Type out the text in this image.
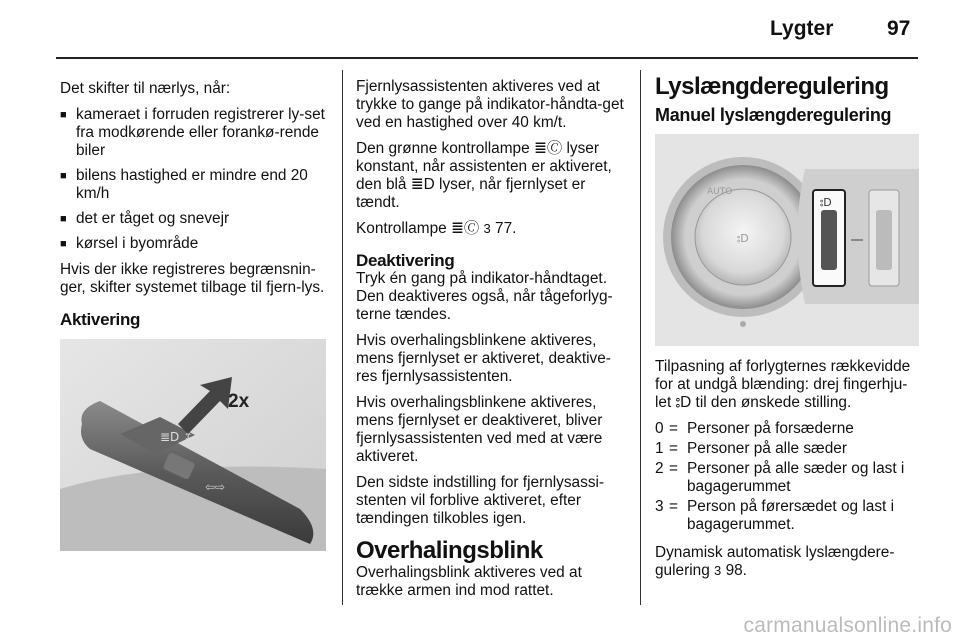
Lygter	97

Det skifter til nærlys, når:

■ kameraet i forruden registrerer ly-set fra modkørende eller forankø-rende biler
■ bilens hastighed er mindre end 20 km/h
■ det er tåget og snevejr
■ kørsel i byområde

Hvis der ikke registreres begrænsnin-ger, skifter systemet tilbage til fjern-lys.

Aktivering
≣D ↕
⇦⇨
2x

Fjernlysassistenten aktiveres ved at trykke to gange på indikator-håndta-get ved en hastighed over 40 km/t.

Den grønne kontrollampe ≣🄫 lyser konstant, når assistenten er aktiveret, den blå ≣D lyser, når fjernlyset er tændt.

Kontrollampe ≣🄫 3 77.

Deaktivering

Tryk én gang på indikator-håndtaget. Den deaktiveres også, når tågeforlyg-terne tændes.

Hvis overhalingsblinkene aktiveres, mens fjernlyset er aktiveret, deaktive-res fjernlysassistenten.

Hvis overhalingsblinkene aktiveres, mens fjernlyset er deaktiveret, bliver fjernlysassistenten ved med at være aktiveret.

Den sidste indstilling for fjernlysassi-stenten vil forblive aktiveret, efter tændingen tilkobles igen.

Overhalingsblink

Overhalingsblink aktiveres ved at trække armen ind mod rattet.

Lyslængderegulering
Manuel lyslængderegulering
AUTO
⦂D
⦂D

Tilpasning af forlygternes rækkevidde for at undgå blænding: drej fingerhju-let ⦂D til den ønskede stilling.

0 = Personer på forsæderne
1 = Personer på alle sæder
2 = Personer på alle sæder og last i bagagerummet
3 = Person på førersædet og last i bagagerummet.

Dynamisk automatisk lyslængdere-gulering 3 98.

carmanualsonline.info
